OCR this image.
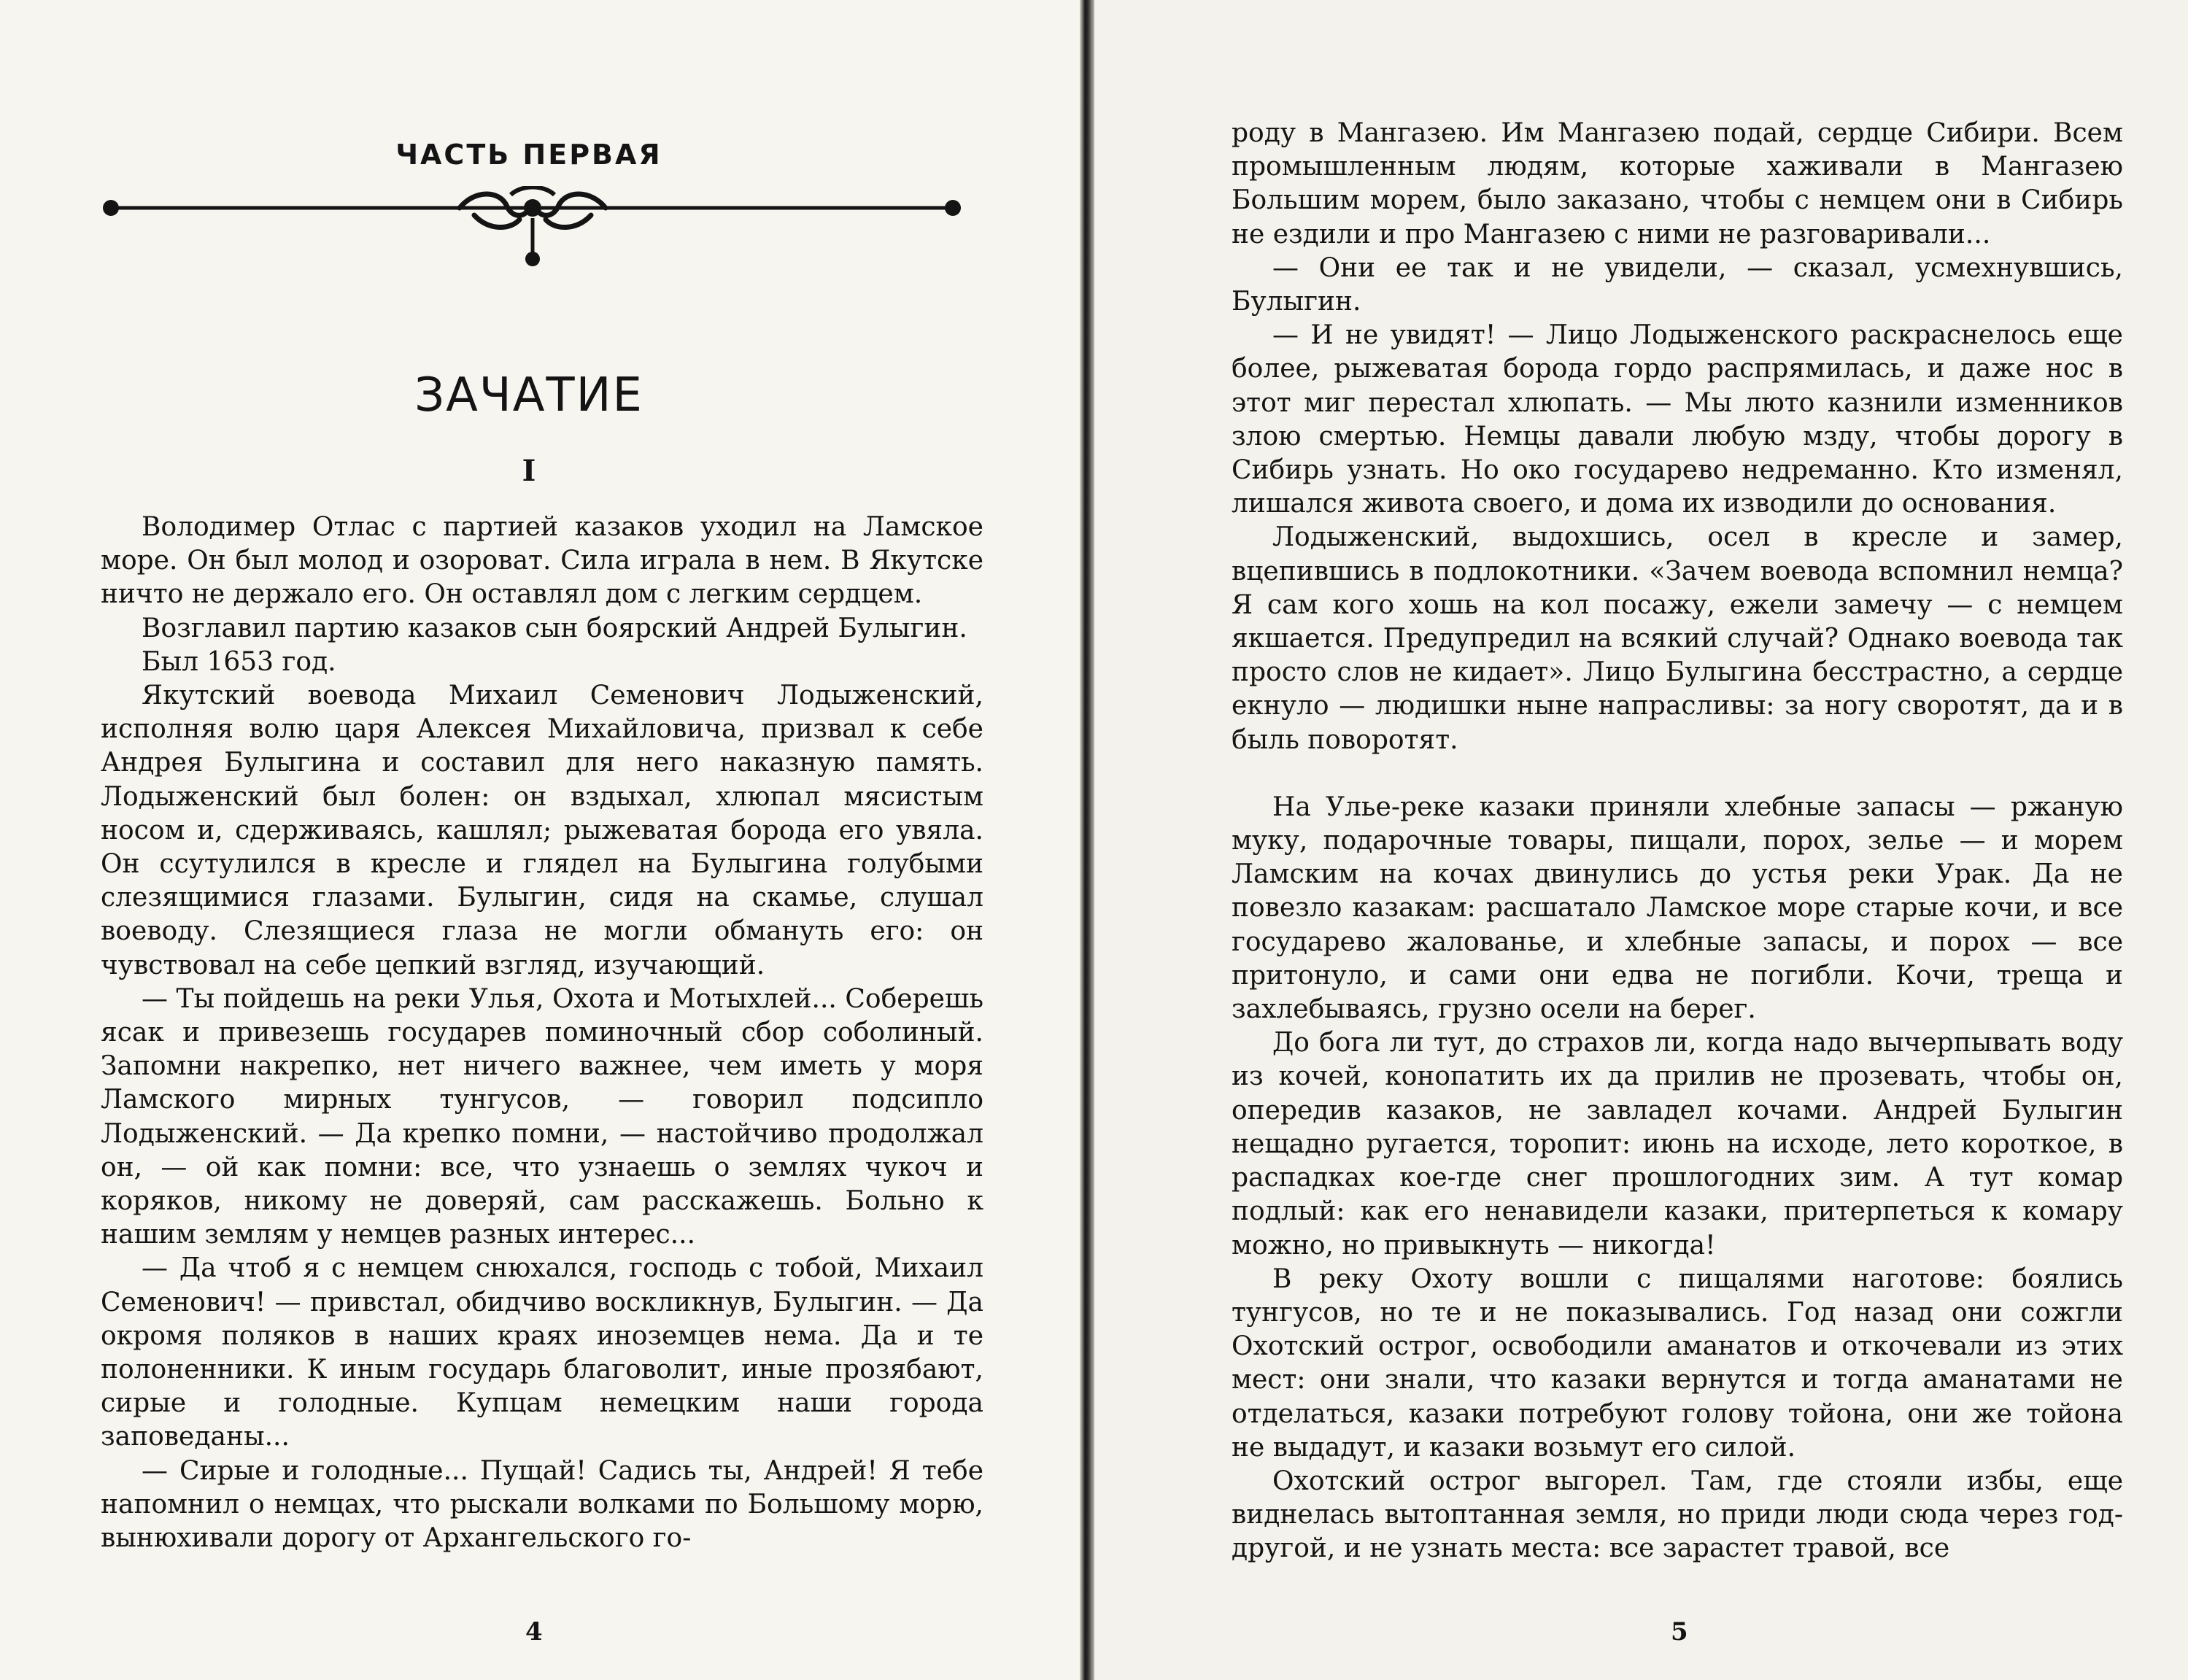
ЧАСТЬ ПЕРВАЯ
ЗАЧАТИЕ
I

Володимер Отлас с партией казаков уходил на Ламское море. Он был молод и озороват. Сила играла в нем. В Якутске ничто не держало его. Он оставлял дом с легким сердцем.

Возглавил партию казаков сын боярский Андрей Булыгин.

Был 1653 год.

Якутский воевода Михаил Семенович Лодыженский, исполняя волю царя Алексея Михайловича, призвал к себе Андрея Булыгина и составил для него наказную память. Лодыженский был болен: он вздыхал, хлюпал мясистым носом и, сдерживаясь, кашлял; рыжеватая борода его увяла. Он ссутулился в кресле и глядел на Булыгина голубыми слезящимися глазами. Булыгин, сидя на скамье, слушал воеводу. Слезящиеся глаза не могли обмануть его: он чувствовал на себе цепкий взгляд, изучающий.

— Ты пойдешь на реки Улья, Охота и Мотыхлей... Соберешь ясак и привезешь государев поминочный сбор соболиный. Запомни накрепко, нет ничего важнее, чем иметь у моря Ламского мирных тунгусов, — говорил подсипло Лодыженский. — Да крепко помни, — настойчиво продолжал он, — ой как помни: все, что узнаешь о землях чукоч и коряков, никому не доверяй, сам расскажешь. Больно к нашим землям у немцев разных интерес...

— Да чтоб я с немцем снюхался, господь с тобой, Михаил Семенович! — привстал, обидчиво воскликнув, Булыгин. — Да окромя поляков в наших краях иноземцев нема. Да и те полоненники. К иным государь благоволит, иные прозябают, сирые и голодные. Купцам немецким наши города заповеданы...

— Сирые и голодные... Пущай! Садись ты, Андрей! Я тебе напомнил о немцах, что рыскали волками по Большому морю, вынюхивали дорогу от Архангельского го-

4

роду в Мангазею. Им Мангазею подай, сердце Сибири. Всем промышленным людям, которые хаживали в Мангазею Большим морем, было заказано, чтобы с немцем они в Сибирь не ездили и про Мангазею с ними не разговаривали...

— Они ее так и не увидели, — сказал, усмехнувшись, Булыгин.

— И не увидят! — Лицо Лодыженского раскраснелось еще более, рыжеватая борода гордо распрямилась, и даже нос в этот миг перестал хлюпать. — Мы люто казнили изменников злою смертью. Немцы давали любую мзду, чтобы дорогу в Сибирь узнать. Но око государево недреманно. Кто изменял, лишался живота своего, и дома их изводили до основания.

Лодыженский, выдохшись, осел в кресле и замер, вцепившись в подлокотники. «Зачем воевода вспомнил немца? Я сам кого хошь на кол посажу, ежели замечу — с немцем якшается. Предупредил на всякий случай? Однако воевода так просто слов не кидает». Лицо Булыгина бесстрастно, а сердце екнуло — людишки ныне напрасливы: за ногу своротят, да и в быль поворотят.

На Улье-реке казаки приняли хлебные запасы — ржаную муку, подарочные товары, пищали, порох, зелье — и морем Ламским на кочах двинулись до устья реки Урак. Да не повезло казакам: расшатало Ламское море старые кочи, и все государево жалованье, и хлебные запасы, и порох — все притонуло, и сами они едва не погибли. Кочи, треща и захлебываясь, грузно осели на берег.

До бога ли тут, до страхов ли, когда надо вычерпывать воду из кочей, конопатить их да прилив не прозевать, чтобы он, опередив казаков, не завладел кочами. Андрей Булыгин нещадно ругается, торопит: июнь на исходе, лето короткое, в распадках кое-где снег прошлогодних зим. А тут комар подлый: как его ненавидели казаки, притерпеться к комару можно, но привыкнуть — никогда!

В реку Охоту вошли с пищалями наготове: боялись тунгусов, но те и не показывались. Год назад они сожгли Охотский острог, освободили аманатов и откочевали из этих мест: они знали, что казаки вернутся и тогда аманатами не отделаться, казаки потребуют голову тойона, они же тойона не выдадут, и казаки возьмут его силой.

Охотский острог выгорел. Там, где стояли избы, еще виднелась вытоптанная земля, но приди люди сюда через год-другой, и не узнать места: все зарастет травой, все

5
